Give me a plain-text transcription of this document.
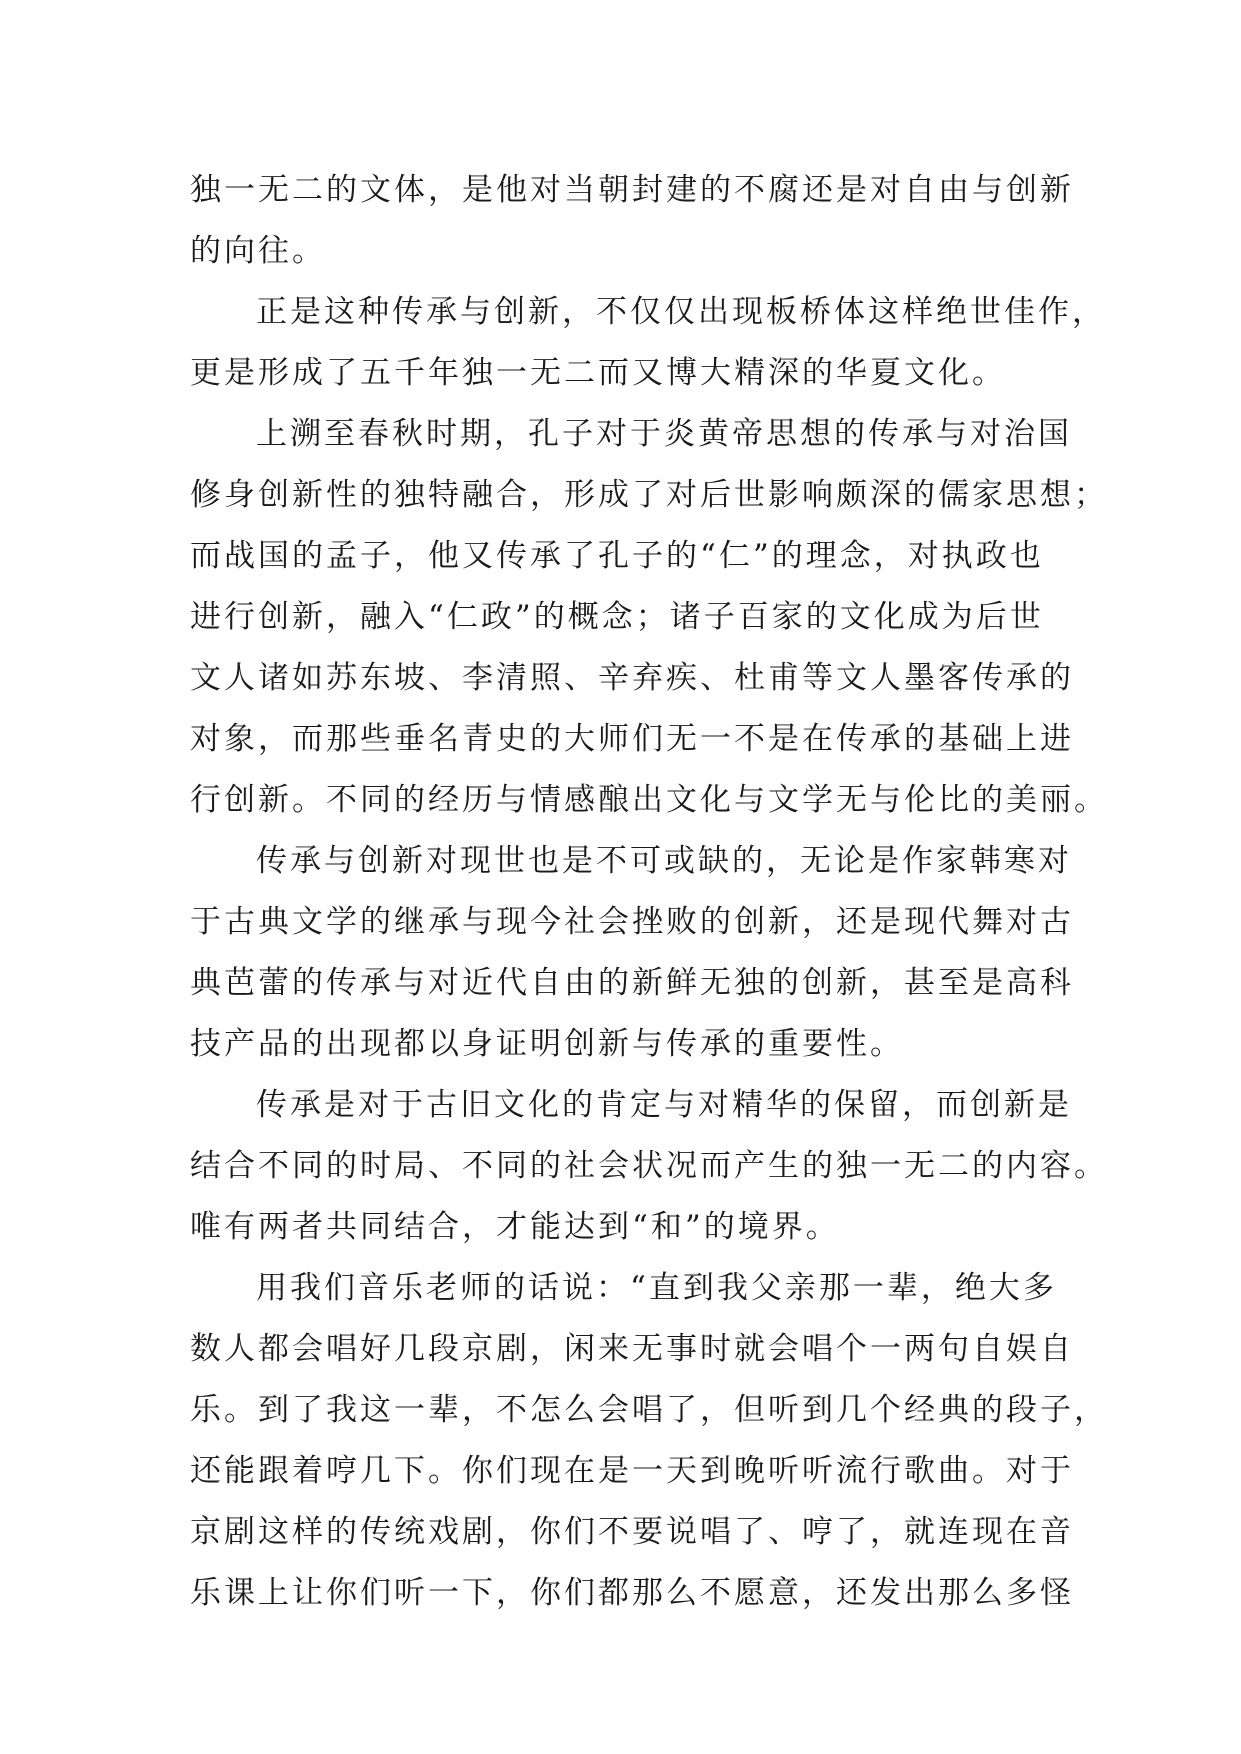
独一无二的文体，是他对当朝封建的不腐还是对自由与创新
的向往。
正是这种传承与创新，不仅仅出现板桥体这样绝世佳作，
更是形成了五千年独一无二而又博大精深的华夏文化。
上溯至春秋时期，孔子对于炎黄帝思想的传承与对治国
修身创新性的独特融合，形成了对后世影响颇深的儒家思想；
而战国的孟子，他又传承了孔子的“仁”的理念，对执政也
进行创新，融入“仁政”的概念；诸子百家的文化成为后世
文人诸如苏东坡、李清照、辛弃疾、杜甫等文人墨客传承的
对象，而那些垂名青史的大师们无一不是在传承的基础上进
行创新。不同的经历与情感酿出文化与文学无与伦比的美丽。
传承与创新对现世也是不可或缺的，无论是作家韩寒对
于古典文学的继承与现今社会挫败的创新，还是现代舞对古
典芭蕾的传承与对近代自由的新鲜无独的创新，甚至是高科
技产品的出现都以身证明创新与传承的重要性。
传承是对于古旧文化的肯定与对精华的保留，而创新是
结合不同的时局、不同的社会状况而产生的独一无二的内容。
唯有两者共同结合，才能达到“和”的境界。
用我们音乐老师的话说：“直到我父亲那一辈，绝大多
数人都会唱好几段京剧，闲来无事时就会唱个一两句自娱自
乐。到了我这一辈，不怎么会唱了，但听到几个经典的段子，
还能跟着哼几下。你们现在是一天到晚听听流行歌曲。对于
京剧这样的传统戏剧，你们不要说唱了、哼了，就连现在音
乐课上让你们听一下，你们都那么不愿意，还发出那么多怪
